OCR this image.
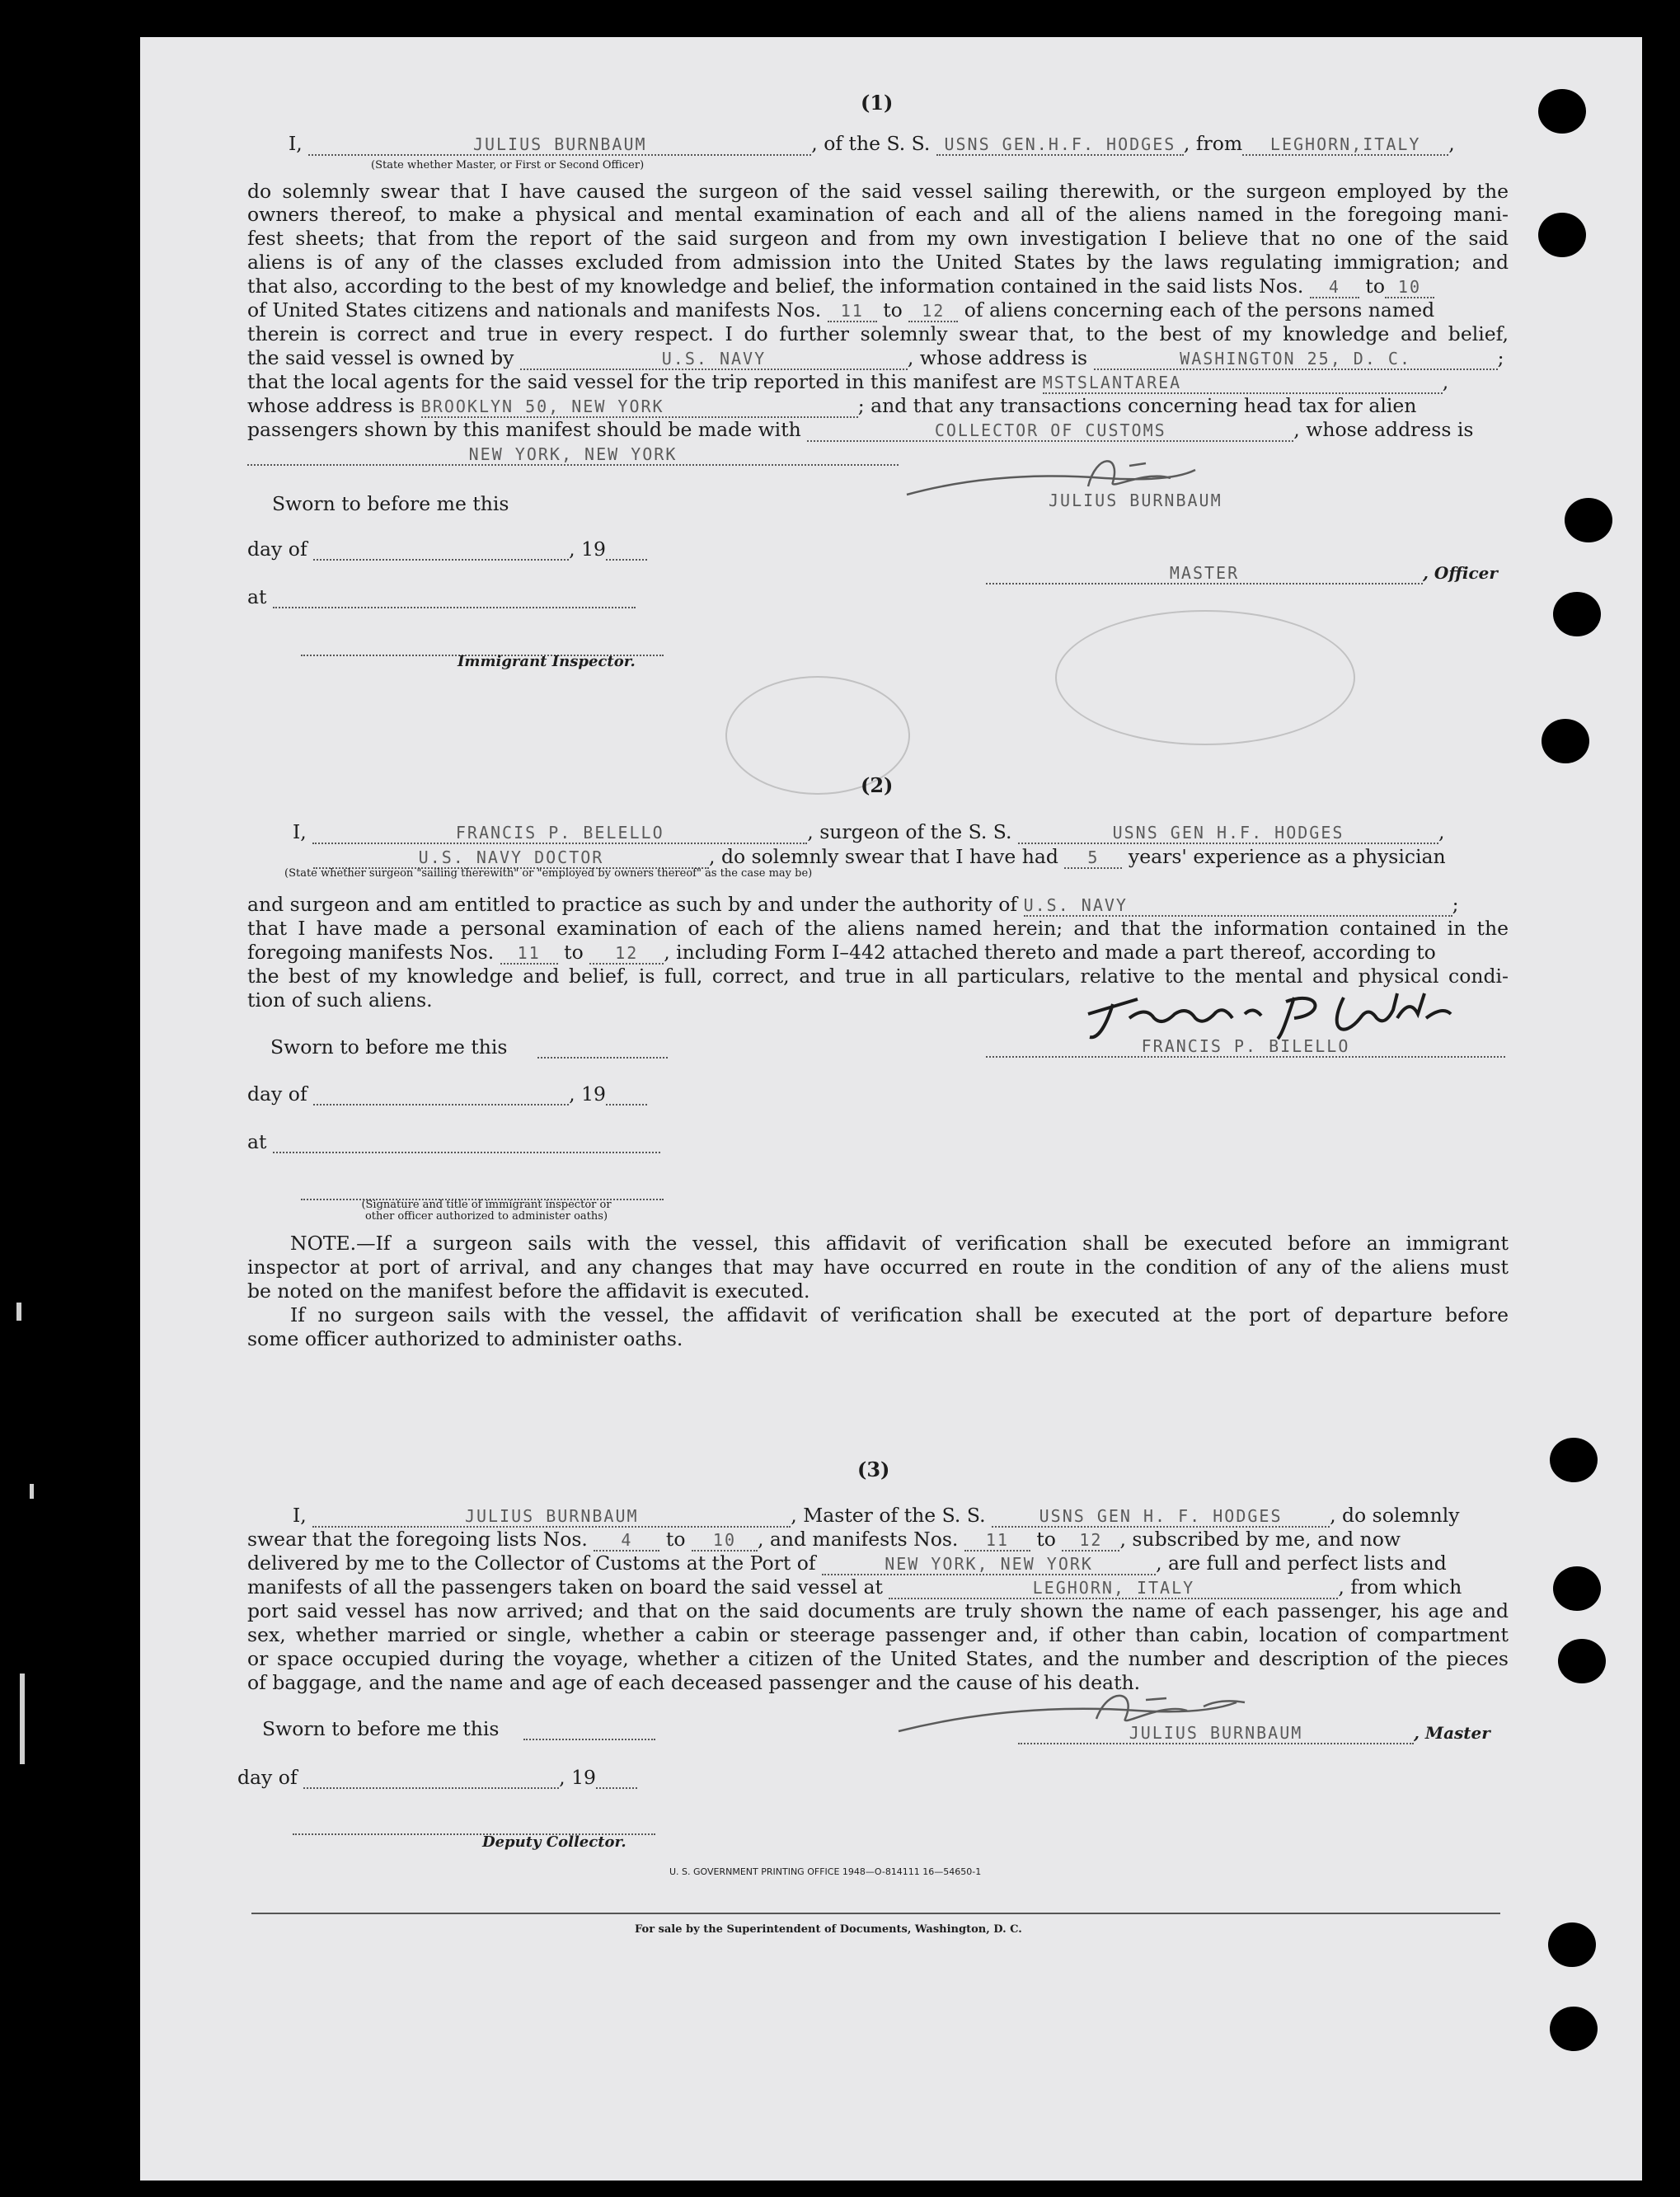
(1)
I,	JULIUS BURNBAUM	, of the S. S. USNS GEN.H.F. HODGES , from LEGHORN,ITALY ,
(State whether Master, or First or Second Officer)
do solemnly swear that I have caused the surgeon of the said vessel sailing therewith, or the surgeon employed by the
owners thereof, to make a physical and mental examination of each and all of the aliens named in the foregoing mani-
fest sheets; that from the report of the said surgeon and from my own investigation I believe that no one of the said
aliens is of any of the classes excluded from admission into the United States by the laws regulating immigration; and
that also, according to the best of my knowledge and belief, the information contained in the said lists Nos. 4 to 10
of United States citizens and nationals and manifests Nos. 11 to 12 of aliens concerning each of the persons named
therein is correct and true in every respect. I do further solemnly swear that, to the best of my knowledge and belief,
the said vessel is owned by	U.S. NAVY	, whose address is	WASHINGTON 25, D. C.	;
that the local agents for the said vessel for the trip reported in this manifest are MSTSLANTAREA	,
whose address is BROOKLYN 50, NEW YORK	; and that any transactions concerning head tax for alien
passengers shown by this manifest should be made with	COLLECTOR OF CUSTOMS	, whose address is
NEW YORK, NEW YORK
Sworn to before me this	JULIUS BURNBAUM
day of	, 19
MASTER	, Officer
at

Immigrant Inspector.
(2)
I,	FRANCIS P. BELELLO	, surgeon of the S. S.	USNS GEN H.F. HODGES	,
U.S. NAVY DOCTOR	, do solemnly swear that I have had 5 years' experience as a physician
(State whether surgeon "sailing therewith" or "employed by owners thereof" as the case may be)
and surgeon and am entitled to practice as such by and under the authority of U.S. NAVY	;
that I have made a personal examination of each of the aliens named herein; and that the information contained in the
foregoing manifests Nos. 11 to 12 , including Form I–442 attached thereto and made a part thereof, according to
the best of my knowledge and belief, is full, correct, and true in all particulars, relative to the mental and physical condi-
tion of such aliens.
Sworn to before me this
	FRANCIS P. BILELLO
day of	, 19
at

(Signature and title of immigrant inspector or
other officer authorized to administer oaths)
NOTE.—If a surgeon sails with the vessel, this affidavit of verification shall be executed before an immigrant
inspector at port of arrival, and any changes that may have occurred en route in the condition of any of the aliens must
be noted on the manifest before the affidavit is executed.
If no surgeon sails with the vessel, the affidavit of verification shall be executed at the port of departure before
some officer authorized to administer oaths.
(3)
I,	JULIUS BURNBAUM	, Master of the S. S.	USNS GEN H. F. HODGES , do solemnly
swear that the foregoing lists Nos. 4 to 10 , and manifests Nos. 11 to 12 , subscribed by me, and now
delivered by me to the Collector of Customs at the Port of	NEW YORK, NEW YORK	, are full and perfect lists and
manifests of all the passengers taken on board the said vessel at	LEGHORN, ITALY	, from which
port said vessel has now arrived; and that on the said documents are truly shown the name of each passenger, his age and
sex, whether married or single, whether a cabin or steerage passenger and, if other than cabin, location of compartment
or space occupied during the voyage, whether a citizen of the United States, and the number and description of the pieces
of baggage, and the name and age of each deceased passenger and the cause of his death.
Sworn to before me this
	JULIUS BURNBAUM	, Master
day of	, 19

Deputy Collector.
U. S. GOVERNMENT PRINTING OFFICE 1948—O-814111 16—54650-1
For sale by the Superintendent of Documents, Washington, D. C.
